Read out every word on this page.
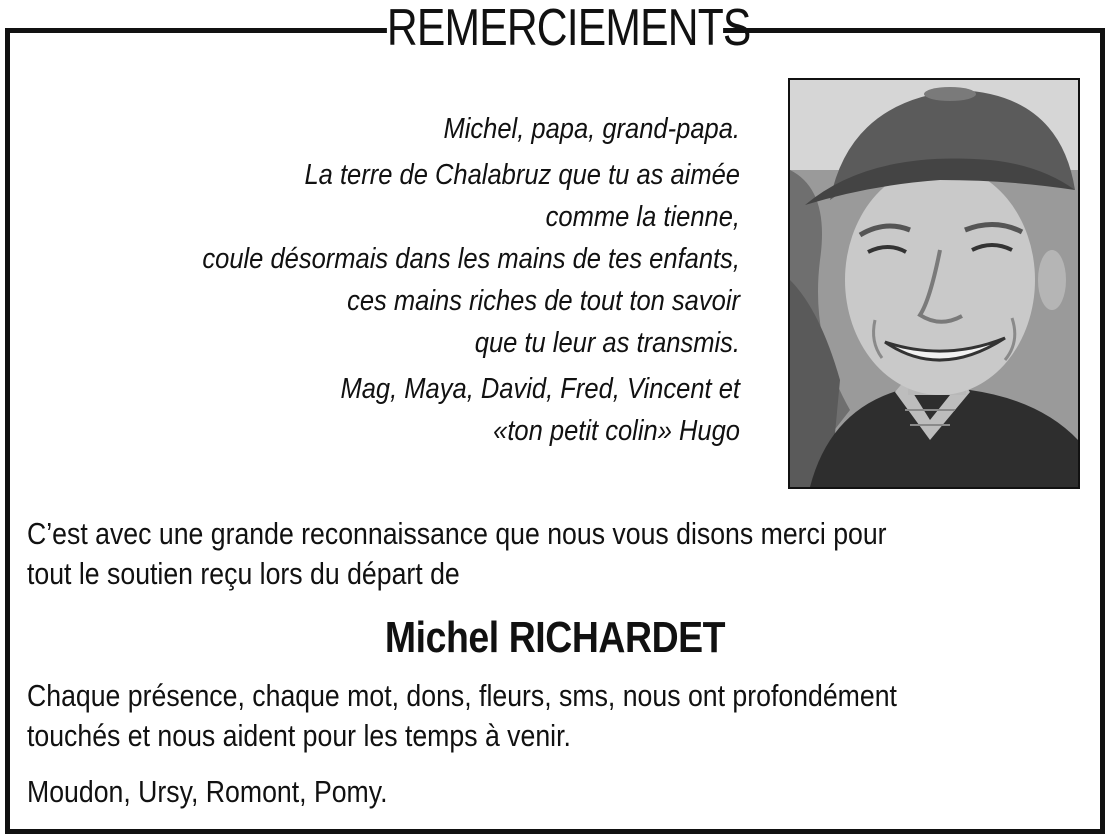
REMERCIEMENTS

Michel, papa, grand-papa.

La terre de Chalabruz que tu as aimée
comme la tienne,
coule désormais dans les mains de tes enfants,
ces mains riches de tout ton savoir
que tu leur as transmis.

Mag, Maya, David, Fred, Vincent et
«ton petit colin» Hugo

C’est avec une grande reconnaissance que nous vous disons merci pour
tout le soutien reçu lors du départ de
Michel RICHARDET
Chaque présence, chaque mot, dons, fleurs, sms, nous ont profondément
touchés et nous aident pour les temps à venir.
Moudon, Ursy, Romont, Pomy.
